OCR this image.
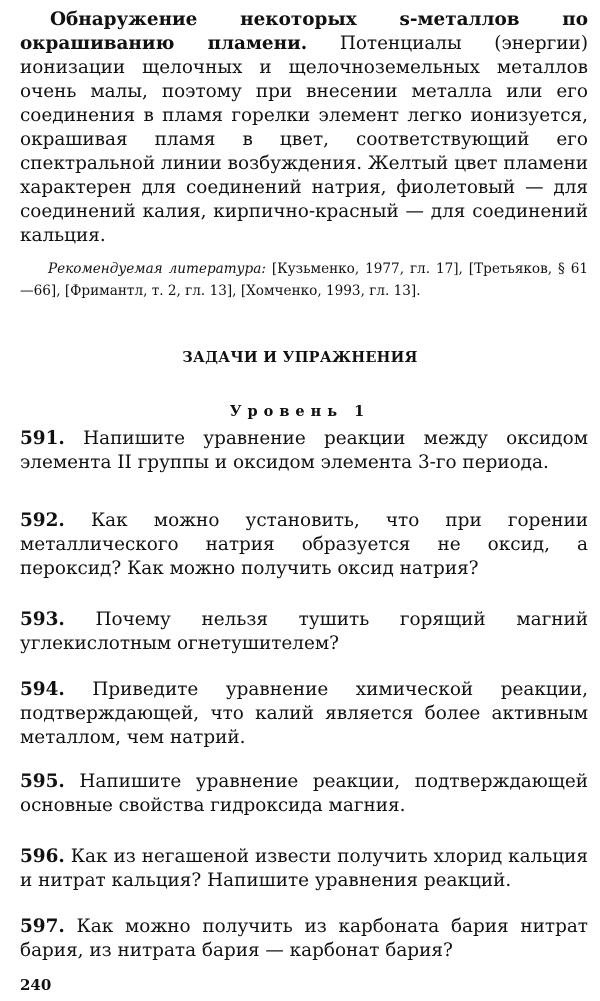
Обнаружение некоторых s-металлов по окрашиванию пламени. Потенциалы (энергии) ионизации щелочных и щелочноземельных металлов очень малы, поэтому при внесении металла или его соединения в пламя горелки элемент легко ионизуется, окрашивая пламя в цвет, соответствующий его спектральной линии возбуждения. Желтый цвет пламени характерен для соединений натрия, фиолетовый — для соединений калия, кирпично-красный — для соединений кальция.

Рекомендуемая литература: [Кузьменко, 1977, гл. 17], [Третьяков, § 61—66], [Фримантл, т. 2, гл. 13], [Хомченко, 1993, гл. 13].

ЗАДАЧИ И УПРАЖНЕНИЯ
Уровень 1

591. Напишите уравнение реакции между оксидом элемента II группы и оксидом элемента 3-го периода.

592. Как можно установить, что при горении металлического натрия образуется не оксид, а пероксид? Как можно получить оксид натрия?

593. Почему нельзя тушить горящий магний углекислотным огнетушителем?

594. Приведите уравнение химической реакции, подтверждающей, что калий является более активным металлом, чем натрий.

595. Напишите уравнение реакции, подтверждающей основные свойства гидроксида магния.

596. Как из негашеной извести получить хлорид кальция и нитрат кальция? Напишите уравнения реакций.

597. Как можно получить из карбоната бария нитрат бария, из нитрата бария — карбонат бария?

240
